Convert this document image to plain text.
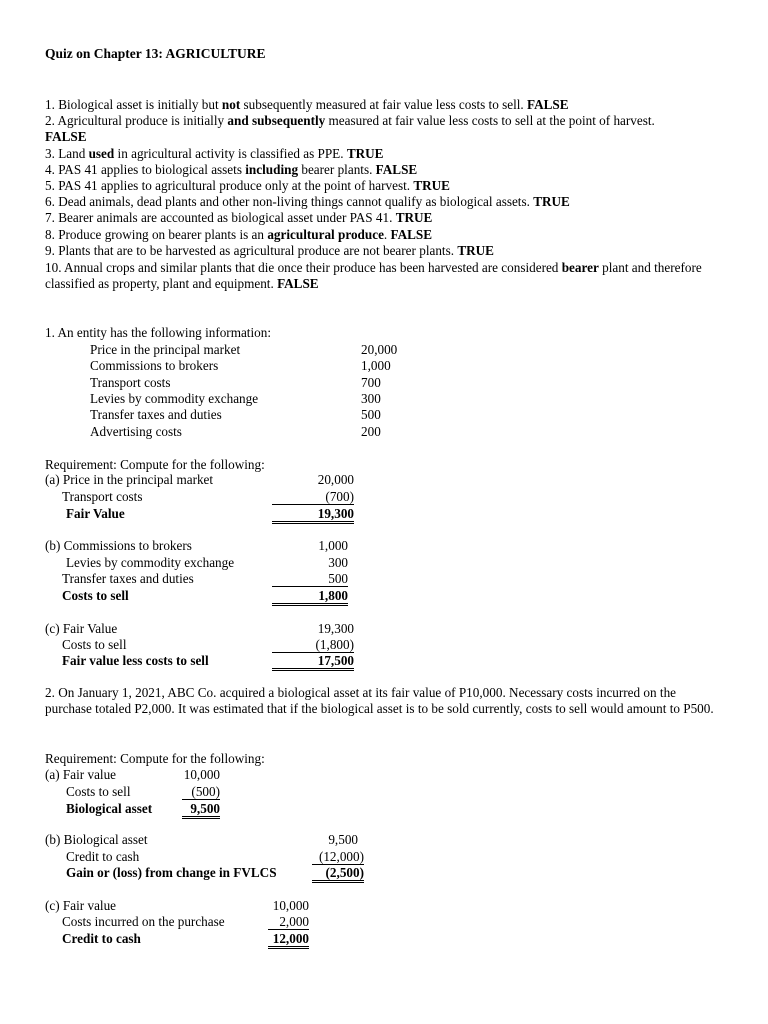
Quiz on Chapter 13: AGRICULTURE
1. Biological asset is initially but not subsequently measured at fair value less costs to sell. FALSE
2. Agricultural produce is initially and subsequently measured at fair value less costs to sell at the point of harvest. FALSE
3. Land used in agricultural activity is classified as PPE. TRUE
4. PAS 41 applies to biological assets including bearer plants. FALSE
5. PAS 41 applies to agricultural produce only at the point of harvest. TRUE
6. Dead animals, dead plants and other non-living things cannot qualify as biological assets. TRUE
7. Bearer animals are accounted as biological asset under PAS 41. TRUE
8. Produce growing on bearer plants is an agricultural produce. FALSE
9. Plants that are to be harvested as agricultural produce are not bearer plants. TRUE
10. Annual crops and similar plants that die once their produce has been harvested are considered bearer plant and therefore classified as property, plant and equipment. FALSE
1. An entity has the following information:
Price in the principal market	20,000
Commissions to brokers	1,000
Transport costs	700
Levies by commodity exchange	300
Transfer taxes and duties	500
Advertising costs	200
Requirement: Compute for the following:
(a) Price in the principal market	20,000
Transport costs	(700)
Fair Value	19,300
(b) Commissions to brokers	1,000
Levies by commodity exchange	300
Transfer taxes and duties	500
Costs to sell	1,800
(c) Fair Value	19,300
Costs to sell	(1,800)
Fair value less costs to sell	17,500
2. On January 1, 2021, ABC Co. acquired a biological asset at its fair value of P10,000. Necessary costs incurred on the purchase totaled P2,000. It was estimated that if the biological asset is to be sold currently, costs to sell would amount to P500.
Requirement: Compute for the following:
(a) Fair value	10,000
Costs to sell	(500)
Biological asset	9,500
(b) Biological asset	9,500
Credit to cash	(12,000)
Gain or (loss) from change in FVLCS	(2,500)
(c) Fair value	10,000
Costs incurred on the purchase	2,000
Credit to cash	12,000
